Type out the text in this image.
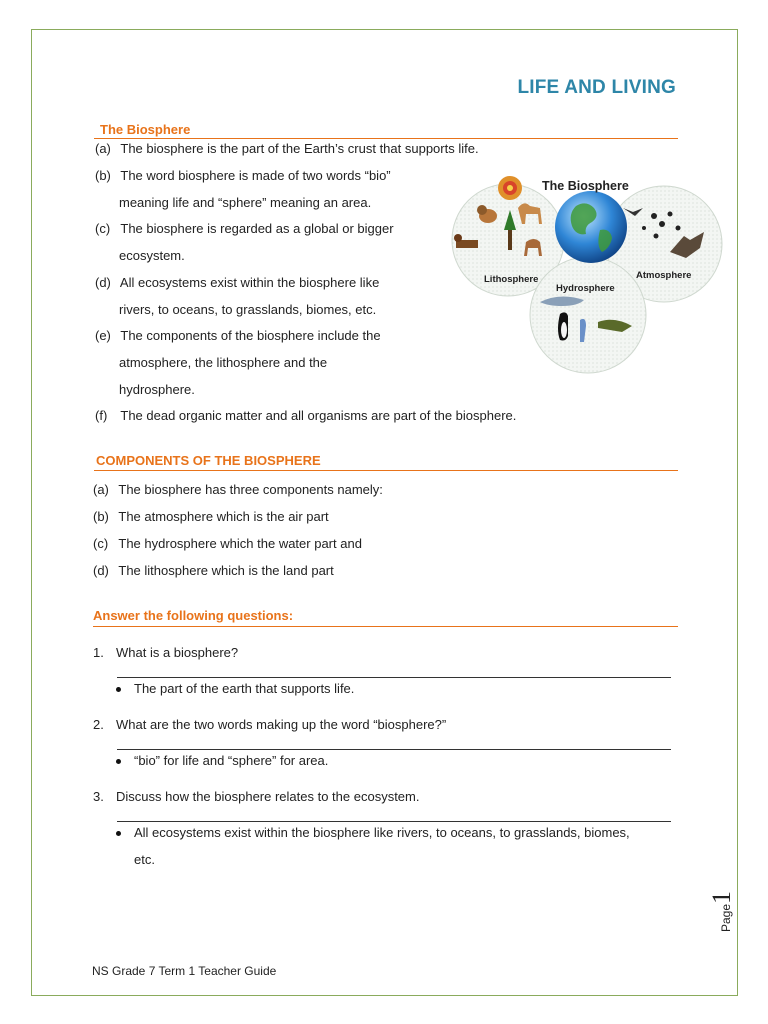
LIFE AND LIVING
The Biosphere
(a) The biosphere is the part of the Earth’s crust that supports life.
(b) The word biosphere is made of two words “bio”
meaning life and “sphere” meaning an area.
(c) The biosphere is regarded as a global or bigger
ecosystem.
(d) All ecosystems exist within the biosphere like
rivers, to oceans, to grasslands, biomes, etc.
(e) The components of the biosphere include the
atmosphere, the lithosphere and the
hydrosphere.
(f) The dead organic matter and all organisms are part of the biosphere.
The Biosphere
Lithosphere
Hydrosphere
Atmosphere
COMPONENTS OF THE BIOSPHERE
(a) The biosphere has three components namely:
(b) The atmosphere which is the air part
(c) The hydrosphere which the water part and
(d) The lithosphere which is the land part
Answer the following questions:
1. What is a biosphere?
The part of the earth that supports life.
2. What are the two words making up the word “biosphere?”
“bio” for life and “sphere” for area.
3. Discuss how the biosphere relates to the ecosystem.
All ecosystems exist within the biosphere like rivers, to oceans, to grasslands, biomes,
etc.
Page1
NS Grade 7 Term 1 Teacher Guide
